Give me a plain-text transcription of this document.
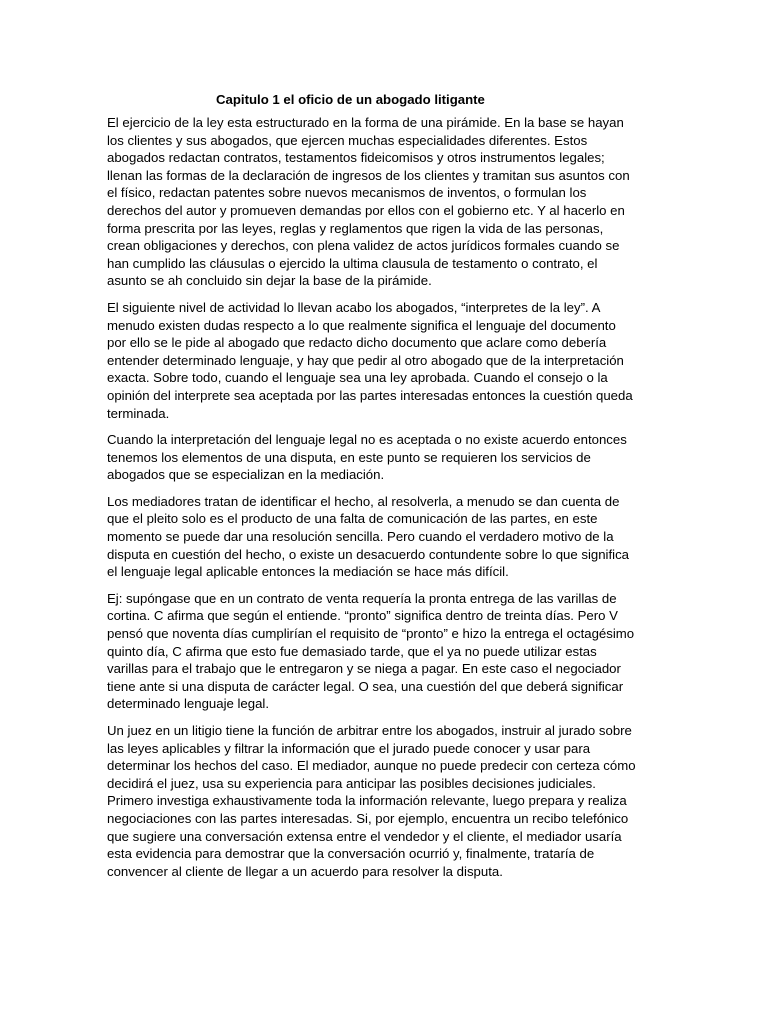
Capitulo 1 el oficio de un abogado litigante

El ejercicio de la ley esta estructurado en la forma de una pirámide. En la base se hayan
los clientes y sus abogados, que ejercen muchas especialidades diferentes. Estos
abogados redactan contratos, testamentos fideicomisos y otros instrumentos legales;
llenan las formas de la declaración de ingresos de los clientes y tramitan sus asuntos con
el físico, redactan patentes sobre nuevos mecanismos de inventos, o formulan los
derechos del autor y promueven demandas por ellos con el gobierno etc. Y al hacerlo en
forma prescrita por las leyes, reglas y reglamentos que rigen la vida de las personas,
crean obligaciones y derechos, con plena validez de actos jurídicos formales cuando se
han cumplido las cláusulas o ejercido la ultima clausula de testamento o contrato, el
asunto se ah concluido sin dejar la base de la pirámide.

El siguiente nivel de actividad lo llevan acabo los abogados, “interpretes de la ley”. A
menudo existen dudas respecto a lo que realmente significa el lenguaje del documento
por ello se le pide al abogado que redacto dicho documento que aclare como debería
entender determinado lenguaje, y hay que pedir al otro abogado que de la interpretación
exacta. Sobre todo, cuando el lenguaje sea una ley aprobada. Cuando el consejo o la
opinión del interprete sea aceptada por las partes interesadas entonces la cuestión queda
terminada.

Cuando la interpretación del lenguaje legal no es aceptada o no existe acuerdo entonces
tenemos los elementos de una disputa, en este punto se requieren los servicios de
abogados que se especializan en la mediación.

Los mediadores tratan de identificar el hecho, al resolverla, a menudo se dan cuenta de
que el pleito solo es el producto de una falta de comunicación de las partes, en este
momento se puede dar una resolución sencilla. Pero cuando el verdadero motivo de la
disputa en cuestión del hecho, o existe un desacuerdo contundente sobre lo que significa
el lenguaje legal aplicable entonces la mediación se hace más difícil.

Ej: supóngase que en un contrato de venta requería la pronta entrega de las varillas de
cortina. C afirma que según el entiende. “pronto” significa dentro de treinta días. Pero V
pensó que noventa días cumplirían el requisito de “pronto” e hizo la entrega el octagésimo
quinto día, C afirma que esto fue demasiado tarde, que el ya no puede utilizar estas
varillas para el trabajo que le entregaron y se niega a pagar. En este caso el negociador
tiene ante si una disputa de carácter legal. O sea, una cuestión del que deberá significar
determinado lenguaje legal.

Un juez en un litigio tiene la función de arbitrar entre los abogados, instruir al jurado sobre
las leyes aplicables y filtrar la información que el jurado puede conocer y usar para
determinar los hechos del caso. El mediador, aunque no puede predecir con certeza cómo
decidirá el juez, usa su experiencia para anticipar las posibles decisiones judiciales.
Primero investiga exhaustivamente toda la información relevante, luego prepara y realiza
negociaciones con las partes interesadas. Si, por ejemplo, encuentra un recibo telefónico
que sugiere una conversación extensa entre el vendedor y el cliente, el mediador usaría
esta evidencia para demostrar que la conversación ocurrió y, finalmente, trataría de
convencer al cliente de llegar a un acuerdo para resolver la disputa.
